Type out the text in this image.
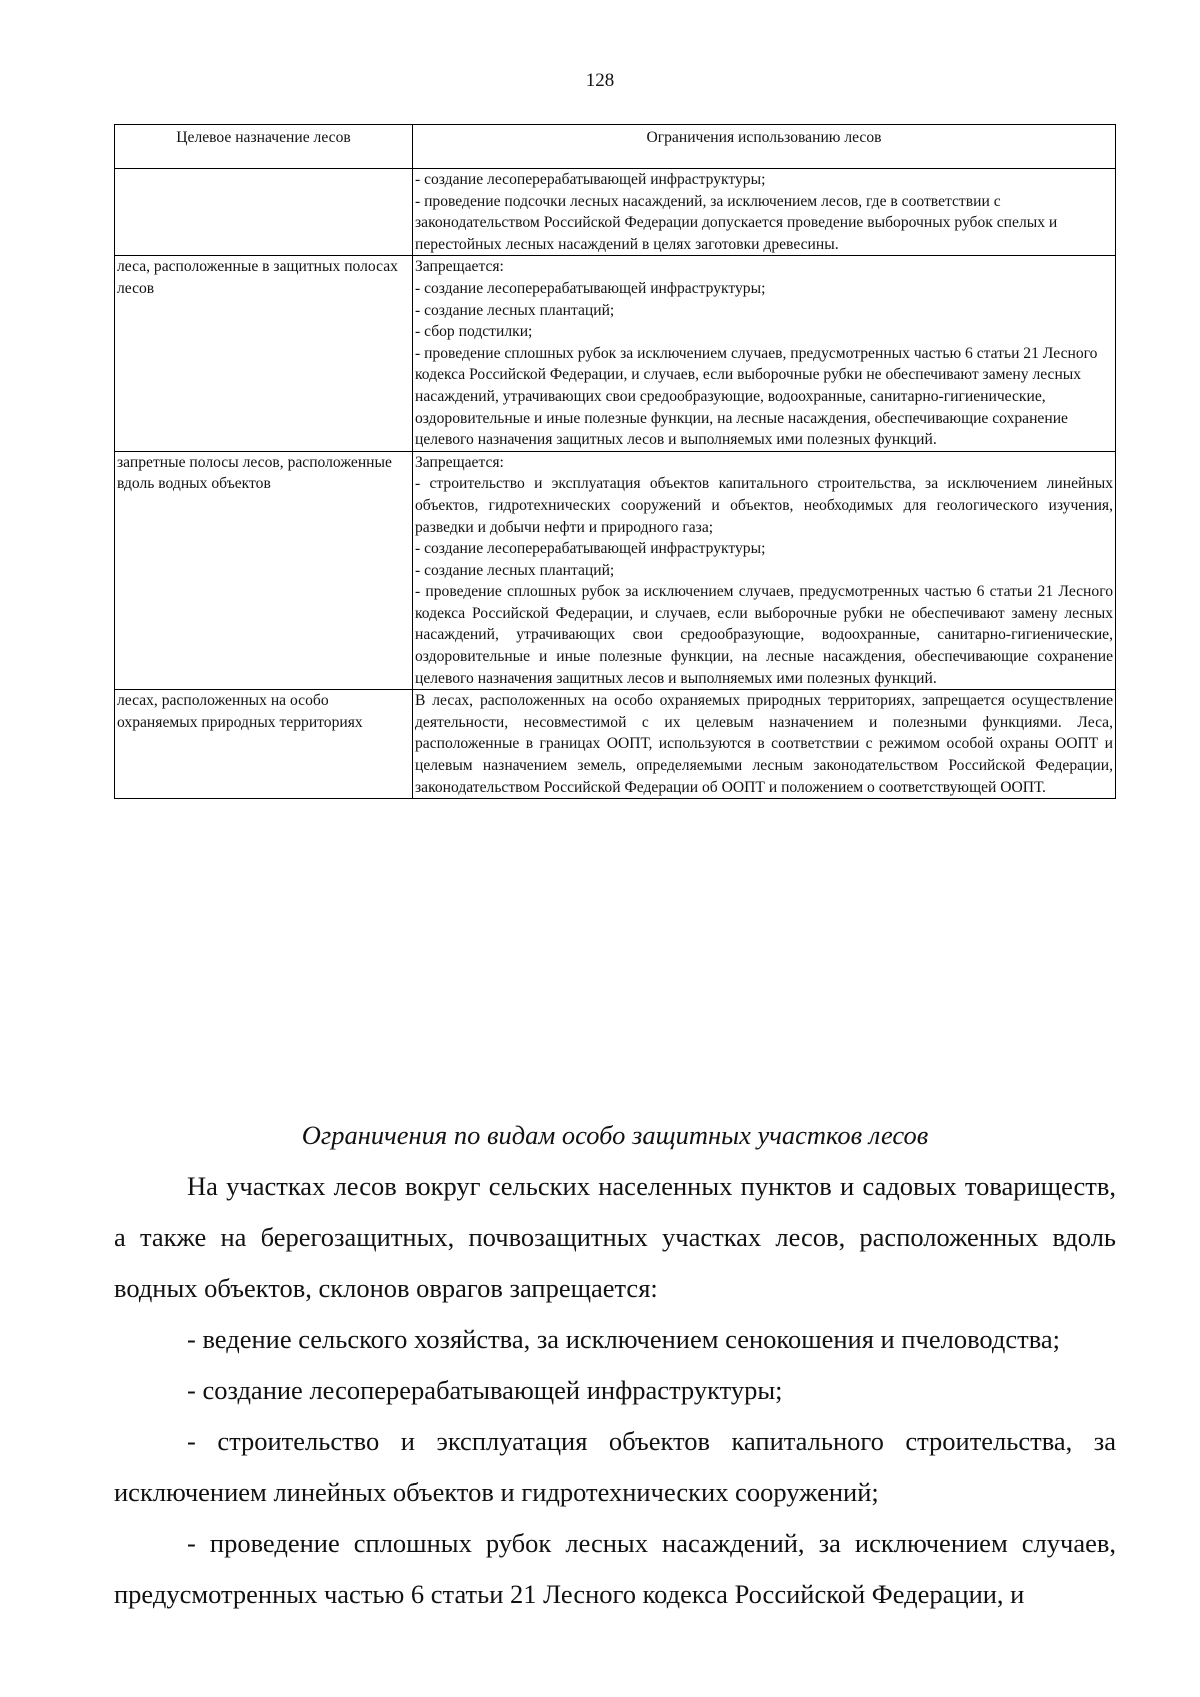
128
Целевое назначение лесов	Ограничения использованию лесов

	- создание лесоперерабатывающей инфраструктуры;
- проведение подсочки лесных насаждений, за исключением лесов, где в соответствии с законодательством Российской Федерации допускается проведение выборочных рубок спелых и перестойных лесных насаждений в целях заготовки древесины.

леса, расположенные в защитных полосах лесов	Запрещается:
- создание лесоперерабатывающей инфраструктуры;
- создание лесных плантаций;
- сбор подстилки;
- проведение сплошных рубок за исключением случаев, предусмотренных частью 6 статьи 21 Лесного кодекса Российской Федерации, и случаев, если выборочные рубки не обеспечивают замену лесных насаждений, утрачивающих свои средообразующие, водоохранные, санитарно-гигиенические, оздоровительные и иные полезные функции, на лесные насаждения, обеспечивающие сохранение целевого назначения защитных лесов и выполняемых ими полезных функций.

запретные полосы лесов, расположенные вдоль водных объектов	Запрещается:
- строительство и эксплуатация объектов капитального строительства, за исключением линейных объектов, гидротехнических сооружений и объектов, необходимых для геологического изучения, разведки и добычи нефти и природного газа;
- создание лесоперерабатывающей инфраструктуры;
- создание лесных плантаций;
- проведение сплошных рубок за исключением случаев, предусмотренных частью 6 статьи 21 Лесного кодекса Российской Федерации, и случаев, если выборочные рубки не обеспечивают замену лесных насаждений, утрачивающих свои средообразующие, водоохранные, санитарно-гигиенические, оздоровительные и иные полезные функции, на лесные насаждения, обеспечивающие сохранение целевого назначения защитных лесов и выполняемых ими полезных функций.

лесах, расположенных на особо охраняемых природных территориях	В лесах, расположенных на особо охраняемых природных территориях, запрещается осуществление деятельности, несовместимой с их целевым назначением и полезными функциями. Леса, расположенные в границах ООПТ, используются в соответствии с режимом особой охраны ООПТ и целевым назначением земель, определяемыми лесным законодательством Российской Федерации, законодательством Российской Федерации об ООПТ и положением о соответствующей ООПТ.

Ограничения по видам особо защитных участков лесов

На участках лесов вокруг сельских населенных пунктов и садовых товариществ, а также на берегозащитных, почвозащитных участках лесов, расположенных вдоль водных объектов, склонов оврагов запрещается:

- ведение сельского хозяйства, за исключением сенокошения и пчеловодства;

- создание лесоперерабатывающей инфраструктуры;

- строительство и эксплуатация объектов капитального строительства, за исключением линейных объектов и гидротехнических сооружений;

- проведение сплошных рубок лесных насаждений, за исключением случаев, предусмотренных частью 6 статьи 21 Лесного кодекса Российской Федерации, и
